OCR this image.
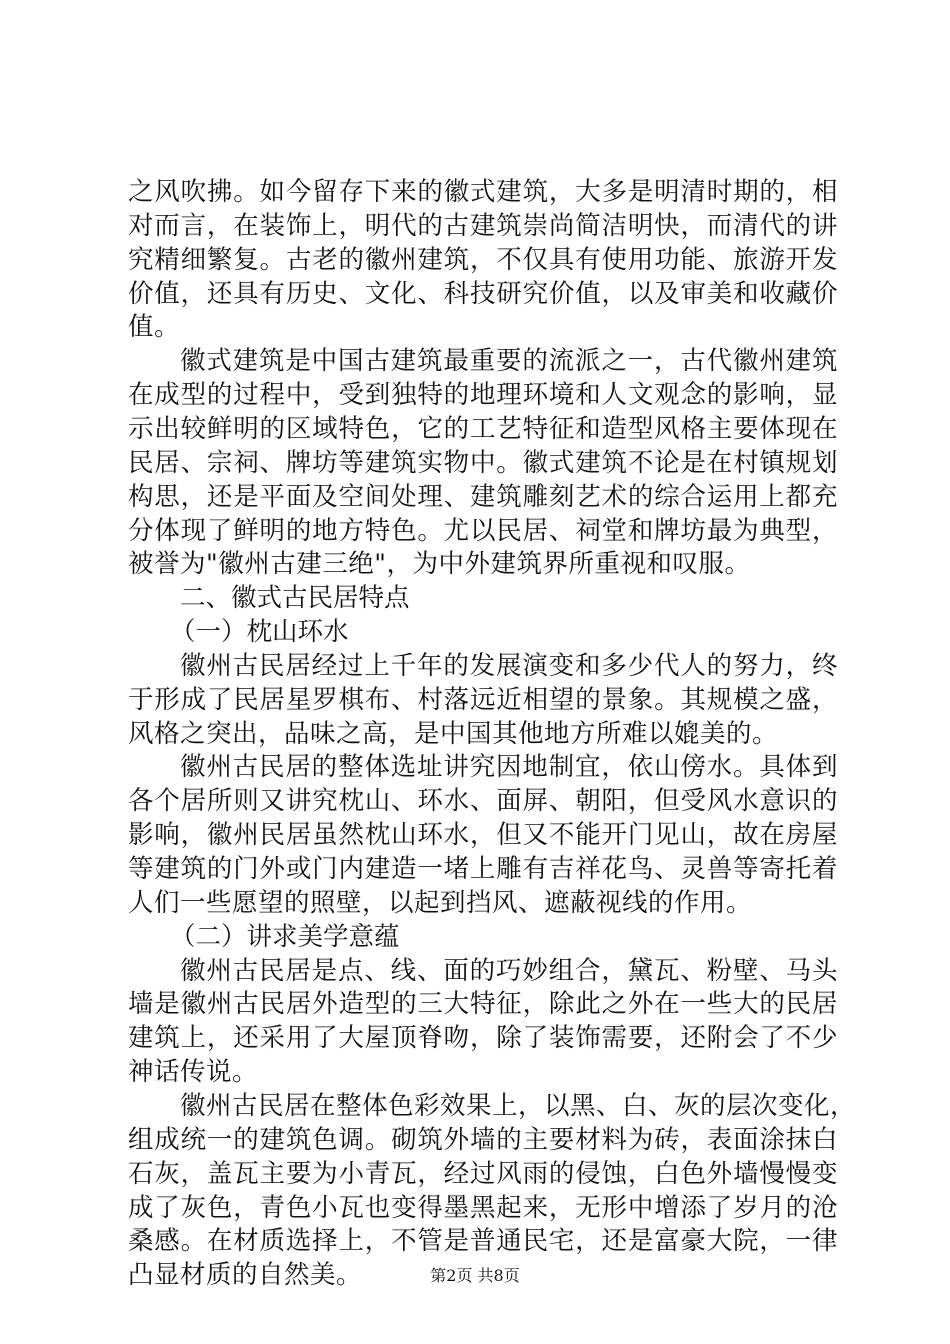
之风吹拂。如今留存下来的徽式建筑，大多是明清时期的，相
对而言，在装饰上，明代的古建筑崇尚简洁明快，而清代的讲
究精细繁复。古老的徽州建筑，不仅具有使用功能、旅游开发
价值，还具有历史、文化、科技研究价值，以及审美和收藏价
值。
徽式建筑是中国古建筑最重要的流派之一，古代徽州建筑
在成型的过程中，受到独特的地理环境和人文观念的影响，显
示出较鲜明的区域特色，它的工艺特征和造型风格主要体现在
民居、宗祠、牌坊等建筑实物中。徽式建筑不论是在村镇规划
构思，还是平面及空间处理、建筑雕刻艺术的综合运用上都充
分体现了鲜明的地方特色。尤以民居、祠堂和牌坊最为典型，
被誉为"徽州古建三绝"，为中外建筑界所重视和叹服。
二、徽式古民居特点
（一）枕山环水
徽州古民居经过上千年的发展演变和多少代人的努力，终
于形成了民居星罗棋布、村落远近相望的景象。其规模之盛，
风格之突出，品味之高，是中国其他地方所难以媲美的。
徽州古民居的整体选址讲究因地制宜，依山傍水。具体到
各个居所则又讲究枕山、环水、面屏、朝阳，但受风水意识的
影响，徽州民居虽然枕山环水，但又不能开门见山，故在房屋
等建筑的门外或门内建造一堵上雕有吉祥花鸟、灵兽等寄托着
人们一些愿望的照壁，以起到挡风、遮蔽视线的作用。
（二）讲求美学意蕴
徽州古民居是点、线、面的巧妙组合，黛瓦、粉壁、马头
墙是徽州古民居外造型的三大特征，除此之外在一些大的民居
建筑上，还采用了大屋顶脊吻，除了装饰需要，还附会了不少
神话传说。
徽州古民居在整体色彩效果上，以黑、白、灰的层次变化，
组成统一的建筑色调。砌筑外墙的主要材料为砖，表面涂抹白
石灰，盖瓦主要为小青瓦，经过风雨的侵蚀，白色外墙慢慢变
成了灰色，青色小瓦也变得墨黑起来，无形中增添了岁月的沧
桑感。在材质选择上，不管是普通民宅，还是富豪大院，一律
凸显材质的自然美。	第2页 共8页
